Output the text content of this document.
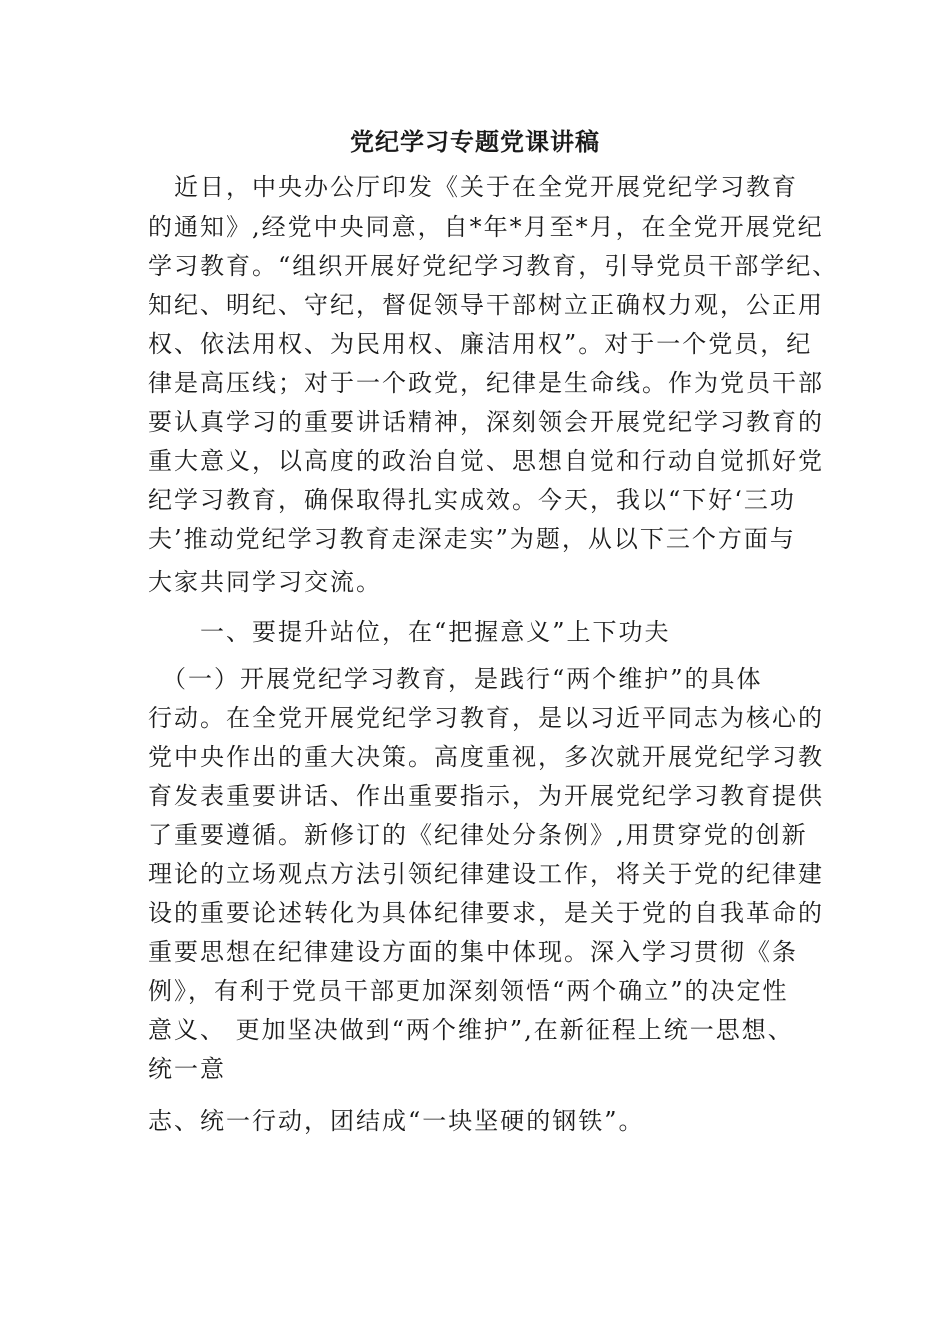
党纪学习专题党课讲稿
　近日，中央办公厅印发《关于在全党开展党纪学习教育
的通知》,经党中央同意，自*年*月至*月，在全党开展党纪
学习教育。“组织开展好党纪学习教育，引导党员干部学纪、
知纪、明纪、守纪，督促领导干部树立正确权力观，公正用
权、依法用权、为民用权、廉洁用权”。对于一个党员，纪
律是高压线；对于一个政党，纪律是生命线。作为党员干部
要认真学习的重要讲话精神，深刻领会开展党纪学习教育的
重大意义，以高度的政治自觉、思想自觉和行动自觉抓好党
纪学习教育，确保取得扎实成效。今天，我以“下好‘三功
夫’推动党纪学习教育走深走实”为题，从以下三个方面与
大家共同学习交流。
　　一、要提升站位，在“把握意义”上下功夫
　（一）开展党纪学习教育，是践行“两个维护”的具体
行动。在全党开展党纪学习教育，是以习近平同志为核心的
党中央作出的重大决策。高度重视，多次就开展党纪学习教
育发表重要讲话、作出重要指示，为开展党纪学习教育提供
了重要遵循。新修订的《纪律处分条例》,用贯穿党的创新
理论的立场观点方法引领纪律建设工作，将关于党的纪律建
设的重要论述转化为具体纪律要求，是关于党的自我革命的
重要思想在纪律建设方面的集中体现。深入学习贯彻《条
例》，有利于党员干部更加深刻领悟“两个确立”的决定性
意义、 更加坚决做到“两个维护”,在新征程上统一思想、
统一意
志、统一行动，团结成“一块坚硬的钢铁”。
